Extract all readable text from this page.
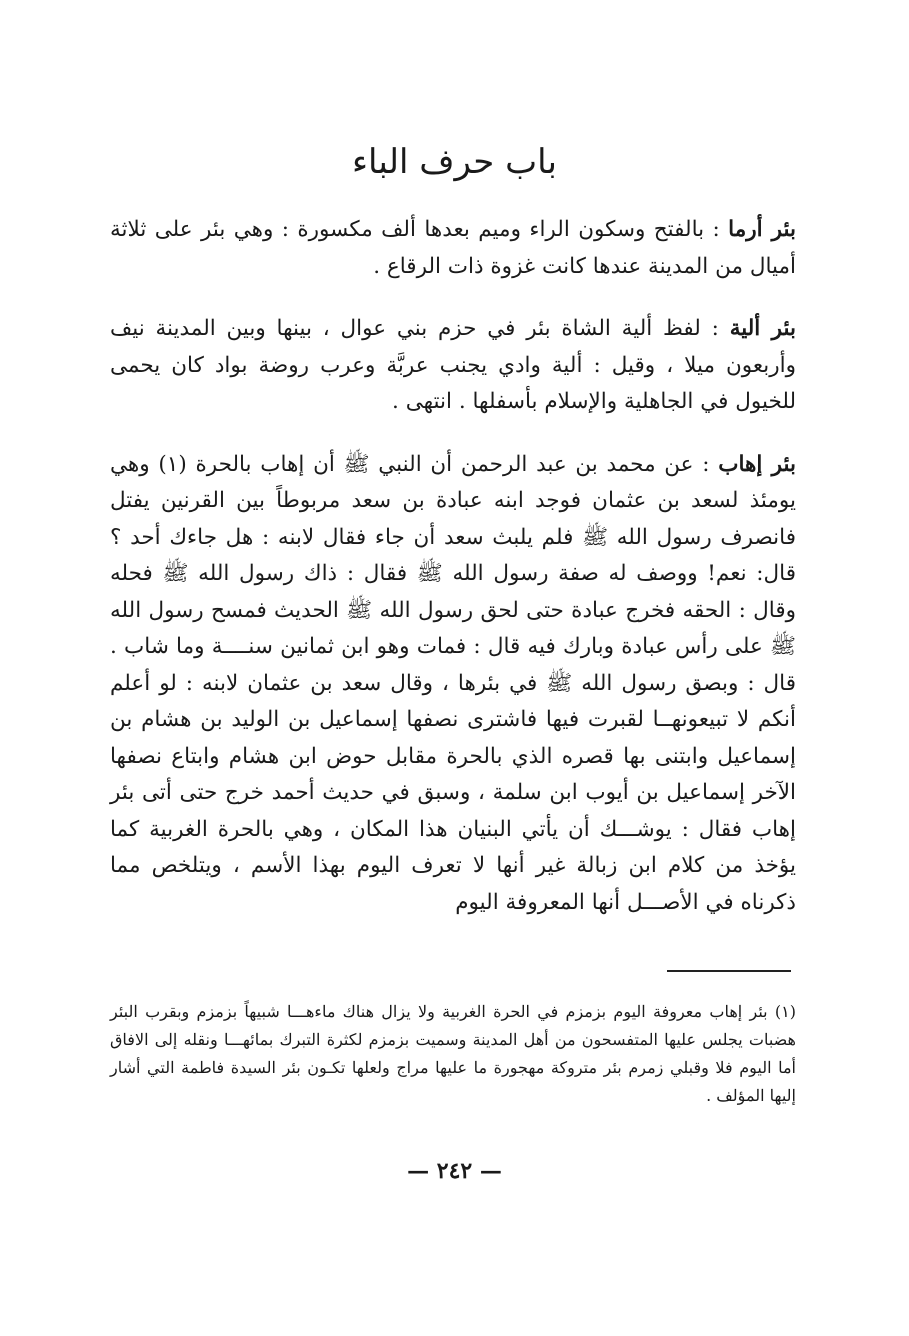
باب حرف الباء

بئر أرما : بالفتح وسكون الراء وميم بعدها ألف مكسورة : وهي بئر على ثلاثة أميال من المدينة عندها كانت غزوة ذات الرقاع .

بئر ألية : لفظ ألية الشاة بئر في حزم بني عوال ، بينها وبين المدينة نيف وأربعون ميلا ، وقيل : ألية وادي يجنب عربَّة وعرب روضة بواد كان يحمى للخيول في الجاهلية والإسلام بأسفلها . انتهى .

بئر إهاب : عن محمد بن عبد الرحمن أن النبي ﷺ أن إهاب بالحرة (١) وهي يومئذ لسعد بن عثمان فوجد ابنه عبادة بن سعد مربوطاً بين القرنين يفتل فانصرف رسول الله ﷺ فلم يلبث سعد أن جاء فقال لابنه : هل جاءك أحد ؟ قال: نعم! ووصف له صفة رسول الله ﷺ فقال : ذاك رسول الله ﷺ فحله وقال : الحقه فخرج عبادة حتى لحق رسول الله ﷺ الحديث فمسح رسول الله ﷺ على رأس عبادة وبارك فيه قال : فمات وهو ابن ثمانين سنــــة وما شاب . قال : وبصق رسول الله ﷺ في بئرها ، وقال سعد بن عثمان لابنه : لو أعلم أنكم لا تبيعونهــا لقبرت فيها فاشترى نصفها إسماعيل بن الوليد بن هشام بن إسماعيل وابتنى بها قصره الذي بالحرة مقابل حوض ابن هشام وابتاع نصفها الآخر إسماعيل بن أيوب ابن سلمة ، وسبق في حديث أحمد خرج حتى أتى بئر إهاب فقال : يوشـــك أن يأتي البنيان هذا المكان ، وهي بالحرة الغربية كما يؤخذ من كلام ابن زبالة غير أنها لا تعرف اليوم بهذا الأسم ، ويتلخص مما ذكرناه في الأصـــل أنها المعروفة اليوم

(١) بئر إهاب معروفة اليوم بزمزم في الحرة الغربية ولا يزال هناك ماءهـــا شبيهاً بزمزم وبقرب البئر هضبات يجلس عليها المتفسحون من أهل المدينة وسميت بزمزم لكثرة التبرك بمائهـــا ونقله إلى الافاق أما اليوم فلا وقبلي زمرم بئر متروكة مهجورة ما عليها مراج ولعلها تكـون بئر السيدة فاطمة التي أشار إليها المؤلف .
— ٢٤٢ —
